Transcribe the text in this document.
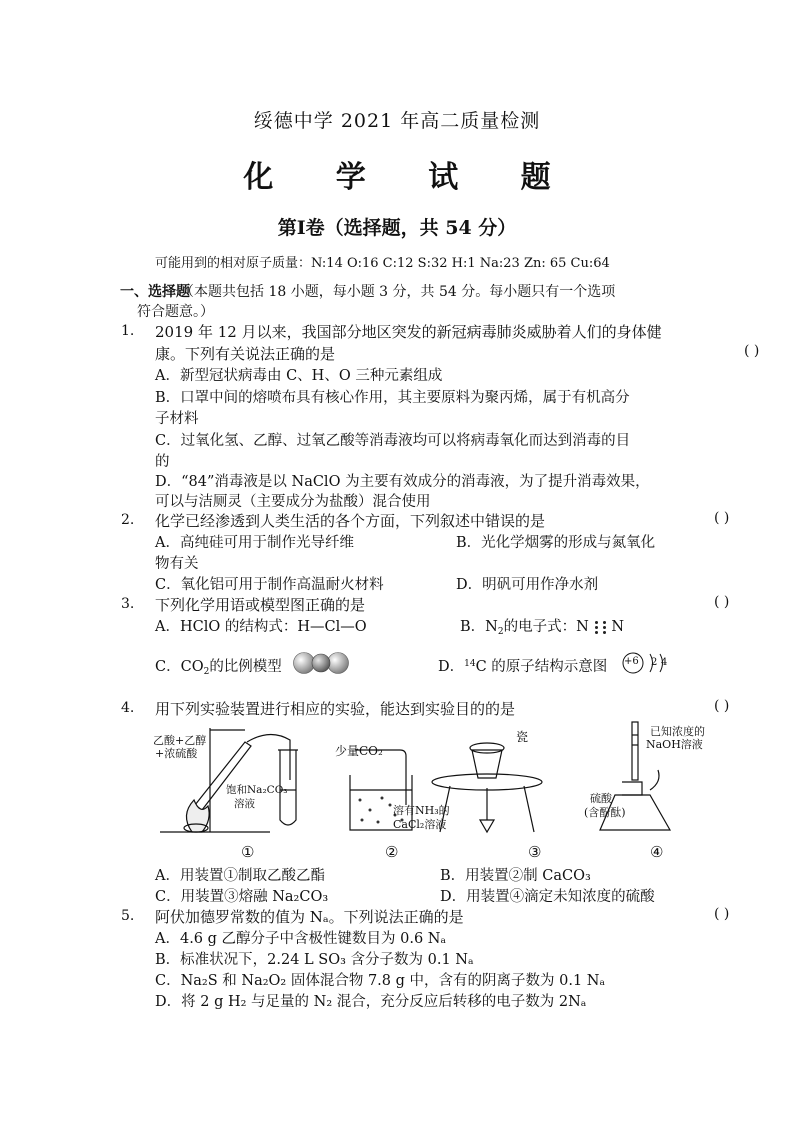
绥德中学 2021 年高二质量检测
化 学 试 题
第Ⅰ卷（选择题，共 54 分）
可能用到的相对原子质量：N:14 O:16 C:12 S:32 H:1 Na:23 Zn: 65 Cu:64
一、选择题
（本题共包括 18 小题，每小题 3 分，共 54 分。每小题只有一个选项
符合题意。）
1. 2019 年 12 月以来，我国部分地区突发的新冠病毒肺炎威胁着人们的身体健
康。下列有关说法正确的是	( )
A．新型冠状病毒由 C、H、O 三种元素组成
B．口罩中间的熔喷布具有核心作用，其主要原料为聚丙烯，属于有机高分
子材料
C．过氧化氢、乙醇、过氧乙酸等消毒液均可以将病毒氧化而达到消毒的目
的
D．“84”消毒液是以 NaClO 为主要有效成分的消毒液，为了提升消毒效果，
可以与洁厕灵（主要成分为盐酸）混合使用
2. 化学已经渗透到人类生活的各个方面，下列叙述中错误的是	( )
A．高纯硅可用于制作光导纤维	B．光化学烟雾的形成与氮氧化
物有关
C．氧化铝可用于制作高温耐火材料	D．明矾可用作净水剂
3. 下列化学用语或模型图正确的是	( )
A．HClO 的结构式：H—Cl—O	B．$N_2$的电子式：N N
C．$CO_2$的比例模型	D．$^{14}$C 的原子结构示意图 +6 2 4
4. 用下列实验装置进行相应的实验，能达到实验目的的是	( )
乙酸+乙醇
+浓硫酸
饱和Na₂CO₃
溶液
少量CO₂
溶有NH₃的
CaCl₂溶液
瓷	已知浓度的
NaOH溶液
硫酸
(含酚酞)
①	②	③	④
A．用装置①制取乙酸乙酯	B．用装置②制 CaCO₃
C．用装置③熔融 Na₂CO₃	D．用装置④滴定未知浓度的硫酸
5. 阿伏加德罗常数的值为 Nₐ。下列说法正确的是	( )
A．4.6 g 乙醇分子中含极性键数目为 0.6 Nₐ
B．标准状况下，2.24 L SO₃ 含分子数为 0.1 Nₐ
C．Na₂S 和 Na₂O₂ 固体混合物 7.8 g 中，含有的阴离子数为 0.1 Nₐ
D．将 2 g H₂ 与足量的 N₂ 混合，充分反应后转移的电子数为 2Nₐ
